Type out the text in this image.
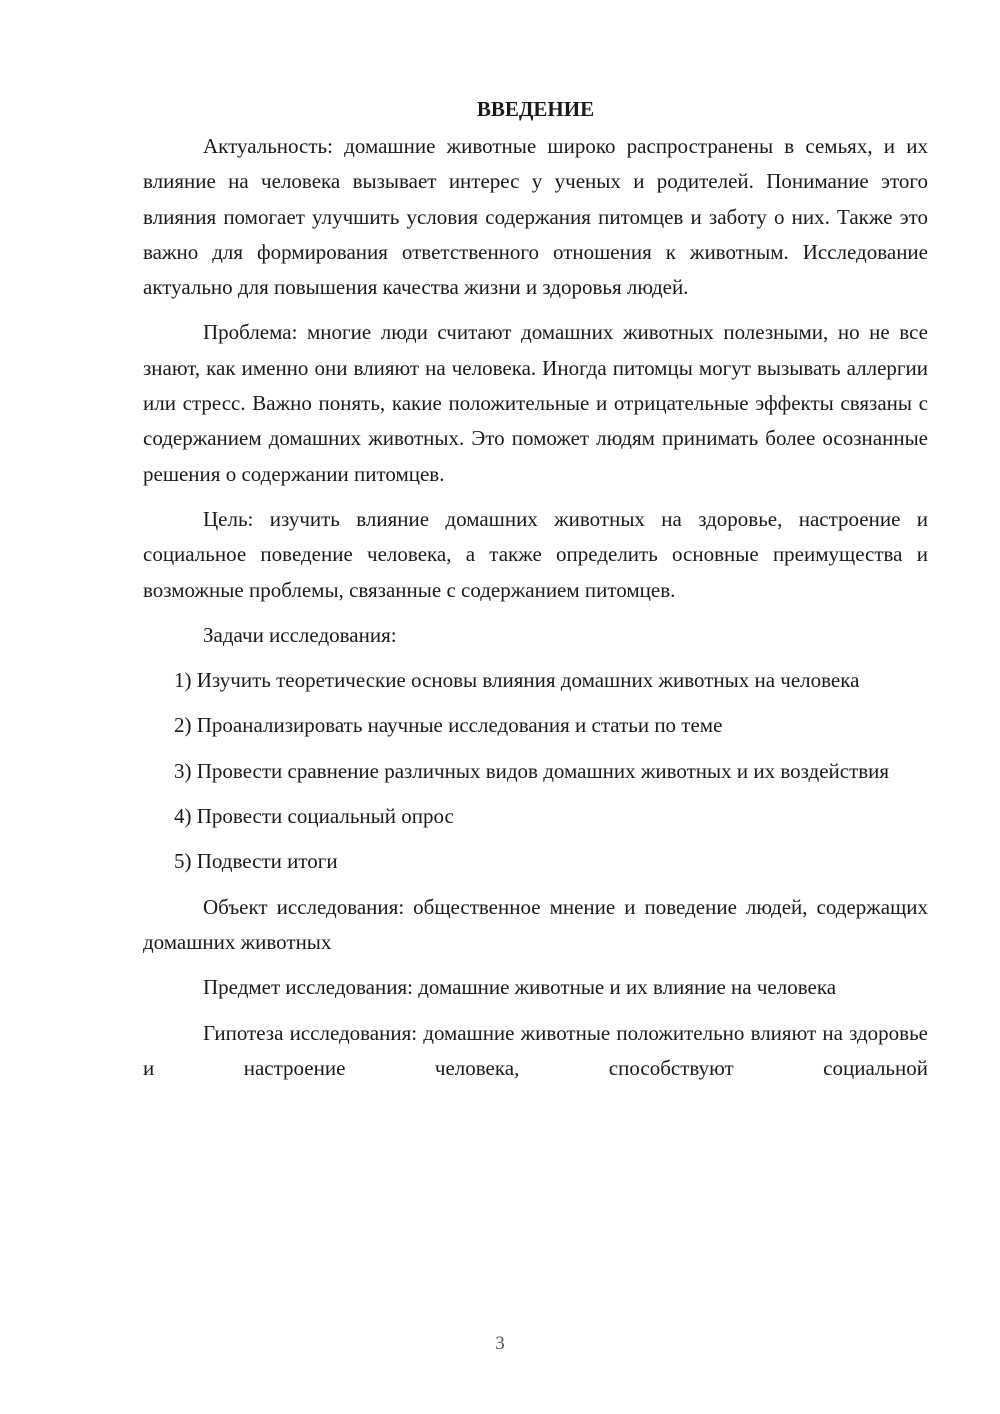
ВВЕДЕНИЕ

Актуальность: домашние животные широко распространены в семьях, и их влияние на человека вызывает интерес у ученых и родителей. Понимание этого влияния помогает улучшить условия содержания питомцев и заботу о них. Также это важно для формирования ответственного отношения к животным. Исследование актуально для повышения качества жизни и здоровья людей.

Проблема: многие люди считают домашних животных полезными, но не все знают, как именно они влияют на человека. Иногда питомцы могут вызывать аллергии или стресс. Важно понять, какие положительные и отрицательные эффекты связаны с содержанием домашних животных. Это поможет людям принимать более осознанные решения о содержании питомцев.

Цель: изучить влияние домашних животных на здоровье, настроение и социальное поведение человека, а также определить основные преимущества и возможные проблемы, связанные с содержанием питомцев.

Задачи исследования:

1) Изучить теоретические основы влияния домашних животных на человека

2) Проанализировать научные исследования и статьи по теме

3) Провести сравнение различных видов домашних животных и их воздействия

4) Провести социальный опрос

5) Подвести итоги

Объект исследования: общественное мнение и поведение людей, содержащих домашних животных

Предмет исследования: домашние животные и их влияние на человека

Гипотеза исследования: домашние животные положительно влияют на здоровье и настроение человека, способствуют социальной

3
